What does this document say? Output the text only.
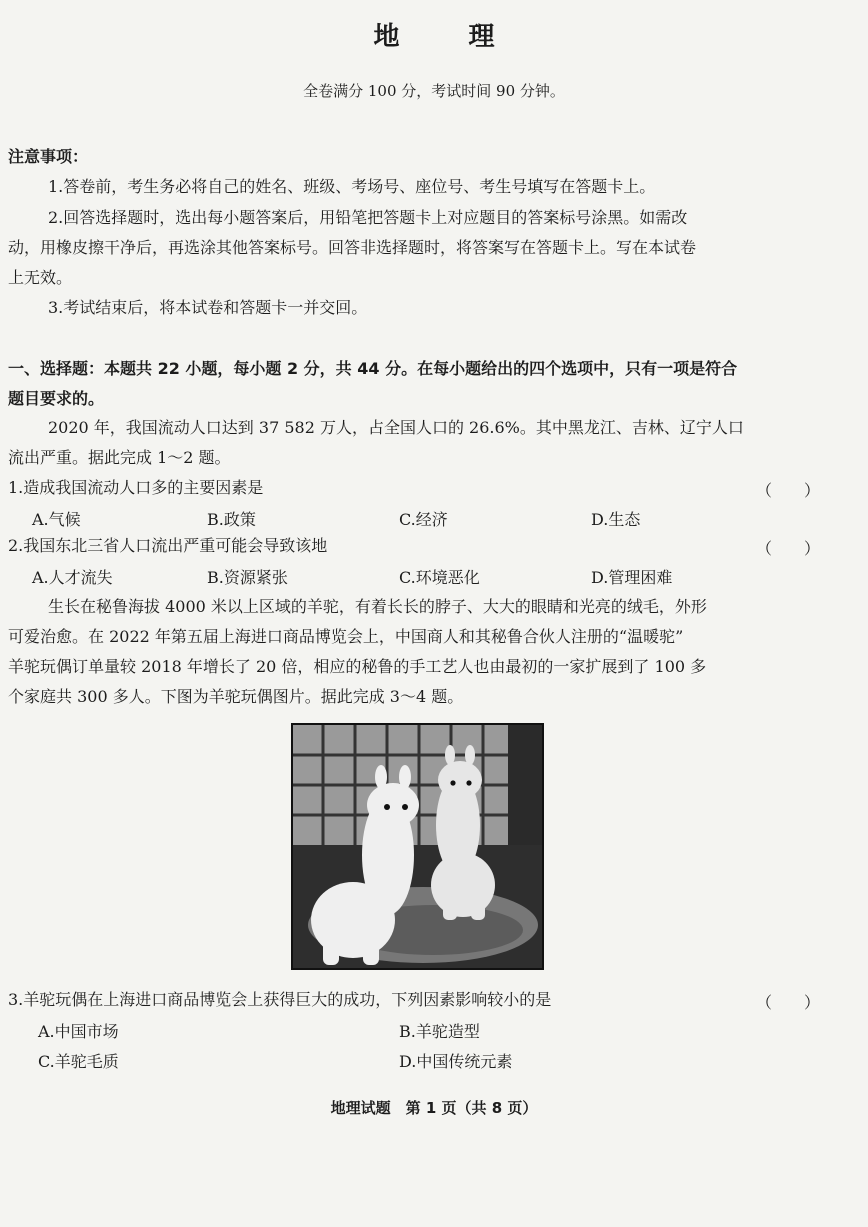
地 理
全卷满分 100 分，考试时间 90 分钟。
注意事项：
1.答卷前，考生务必将自己的姓名、班级、考场号、座位号、考生号填写在答题卡上。
2.回答选择题时，选出每小题答案后，用铅笔把答题卡上对应题目的答案标号涂黑。如需改
动，用橡皮擦干净后，再选涂其他答案标号。回答非选择题时，将答案写在答题卡上。写在本试卷
上无效。
3.考试结束后，将本试卷和答题卡一并交回。
一、选择题：本题共 22 小题，每小题 2 分，共 44 分。在每小题给出的四个选项中，只有一项是符合
题目要求的。
2020 年，我国流动人口达到 37 582 万人，占全国人口的 26.6%。其中黑龙江、吉林、辽宁人口
流出严重。据此完成 1～2 题。
1.造成我国流动人口多的主要因素是	（　　）
A.气候	B.政策	C.经济	D.生态
2.我国东北三省人口流出严重可能会导致该地	（　　）
A.人才流失	B.资源紧张	C.环境恶化	D.管理困难
生长在秘鲁海拔 4000 米以上区域的羊驼，有着长长的脖子、大大的眼睛和光亮的绒毛，外形
可爱治愈。在 2022 年第五届上海进口商品博览会上，中国商人和其秘鲁合伙人注册的“温暖驼”
羊驼玩偶订单量较 2018 年增长了 20 倍，相应的秘鲁的手工艺人也由最初的一家扩展到了 100 多
个家庭共 300 多人。下图为羊驼玩偶图片。据此完成 3～4 题。
3.羊驼玩偶在上海进口商品博览会上获得巨大的成功，下列因素影响较小的是	（　　）
A.中国市场	B.羊驼造型
C.羊驼毛质	D.中国传统元素
地理试题　第 1 页（共 8 页）
